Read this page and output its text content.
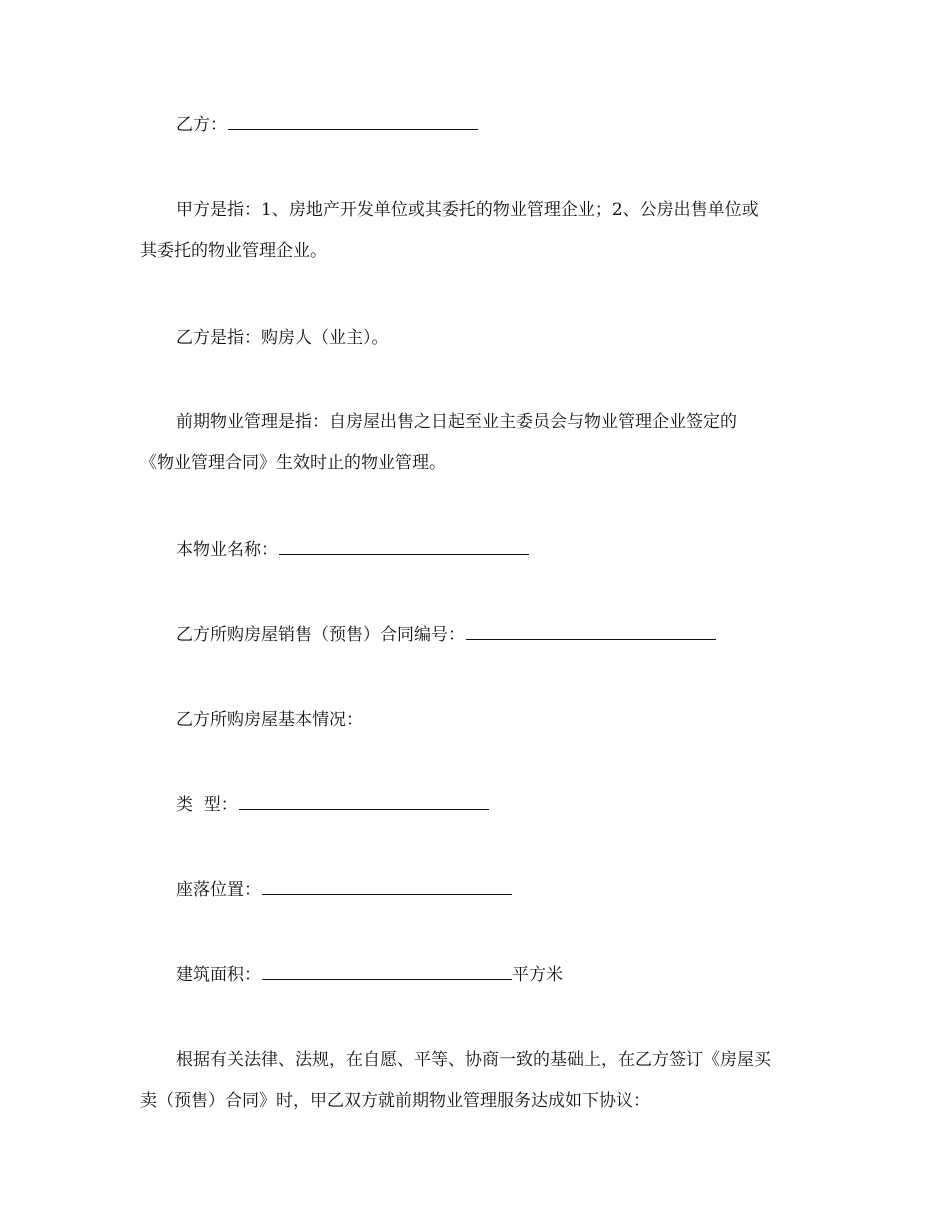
乙方：

甲方是指：1、房地产开发单位或其委托的物业管理企业；2、公房出售单位或
其委托的物业管理企业。

乙方是指：购房人（业主）。

前期物业管理是指：自房屋出售之日起至业主委员会与物业管理企业签定的
《物业管理合同》生效时止的物业管理。

本物业名称：

乙方所购房屋销售（预售）合同编号：

乙方所购房屋基本情况：

类  型：

座落位置：

建筑面积：	平方米

根据有关法律、法规，在自愿、平等、协商一致的基础上，在乙方签订《房屋买
卖（预售）合同》时，甲乙双方就前期物业管理服务达成如下协议：
